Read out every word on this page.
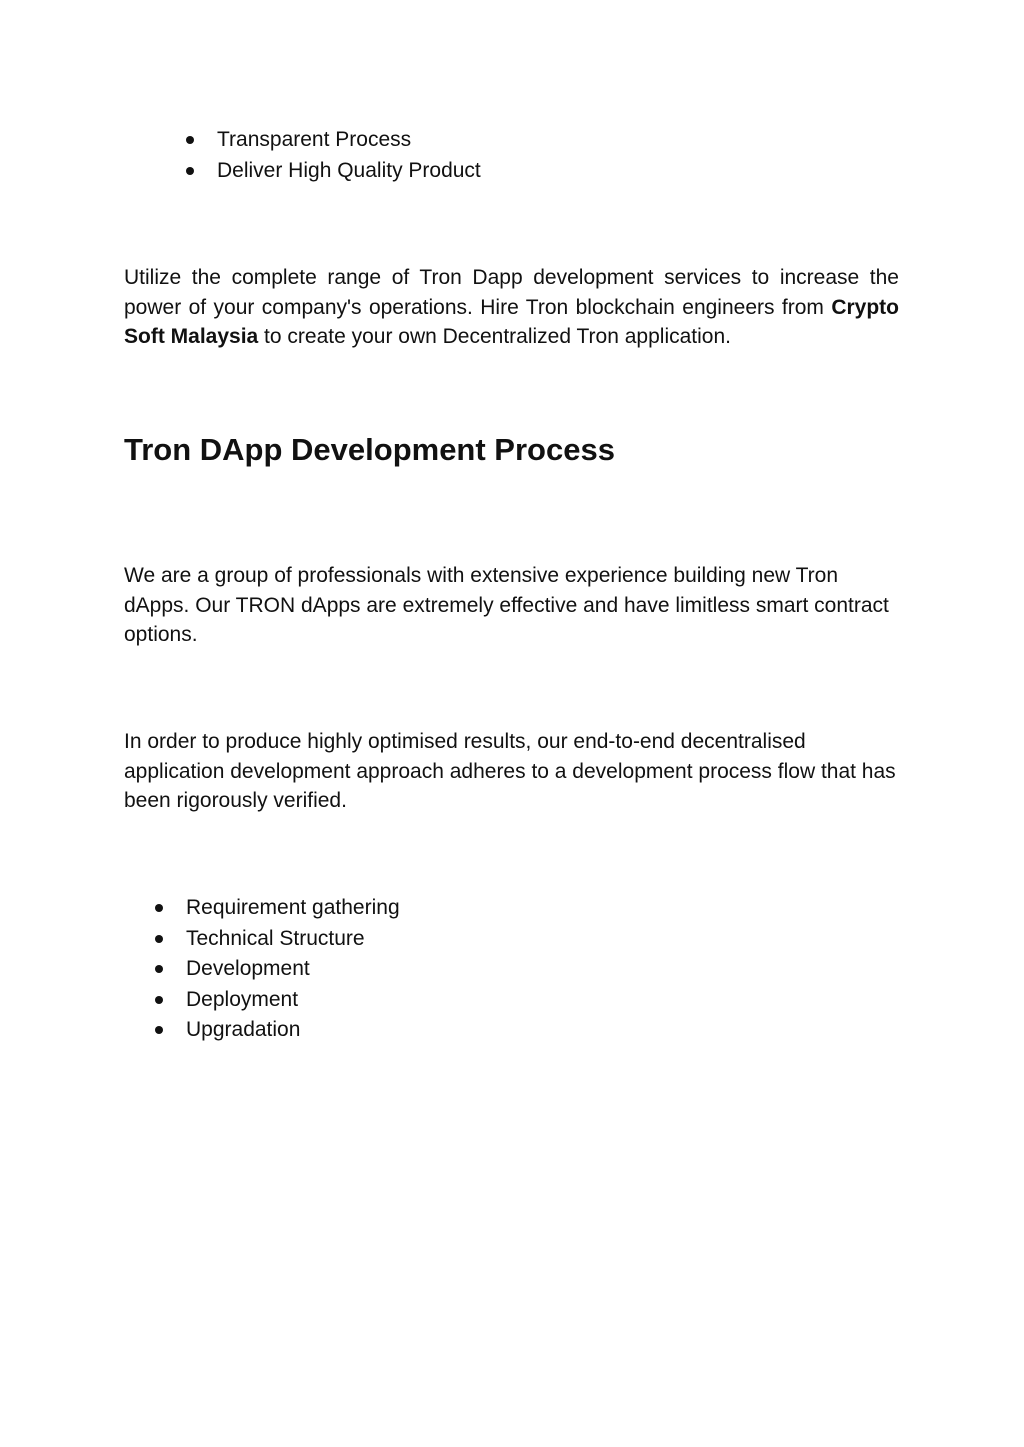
Transparent Process
Deliver High Quality Product

Utilize the complete range of Tron Dapp development services to increase the power of your company's operations. Hire Tron blockchain engineers from Crypto Soft Malaysia to create your own Decentralized Tron application.

Tron DApp Development Process

We are a group of professionals with extensive experience building new Tron dApps. Our TRON dApps are extremely effective and have limitless smart contract options.

In order to produce highly optimised results, our end-to-end decentralised application development approach adheres to a development process flow that has been rigorously verified.

Requirement gathering
Technical Structure
Development
Deployment
Upgradation
